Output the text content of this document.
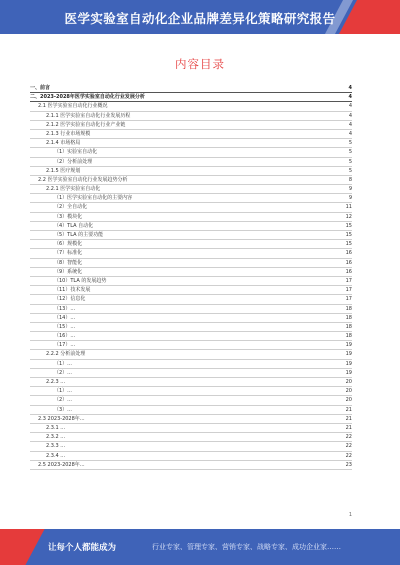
医学实验室自动化企业品牌差异化策略研究报告
内容目录
一、前言	4
二、2023-2028年医学实验室自动化行业发展分析	4
2.1 医学实验室自动化行业概况	4
2.1.1 医学实验室自动化行业发展历程	4
2.1.2 医学实验室自动化行业产业链	4
2.1.3 行业市场规模	4
2.1.4 市场格局	5
（1）实验室自动化	5
（2）分析前处理	5
2.1.5 医疗规划	5
2.2 医学实验室自动化行业发展趋势分析	8
2.2.1 医学实验室自动化	9
（1）医学实验室自动化的主要内容	9
（2）全自动化	11
（3）模块化	12
（4）TLA 自动化	15
（5）TLA 的主要功能	15
（6）规模化	15
（7）标准化	16
（8）智能化	16
（9）系统化	16
（10）TLA 的发展趋势	17
（11）技术发展	17
（12）信息化	17
（13）...	18
（14）...	18
（15）...	18
（16）...	18
（17）...	19
2.2.2 分析前处理	19
（1）...	19
（2）...	19
2.2.3 ...	20
（1）...	20
（2）...	20
（3）...	21
2.3 2023-2028年...	21
2.3.1 ...	21
2.3.2 ...	22
2.3.3 ...	22
2.3.4 ...	22
2.5 2023-2028年...	23
1
让每个人都能成为	行业专家、管理专家、营销专家、战略专家、成功企业家……
